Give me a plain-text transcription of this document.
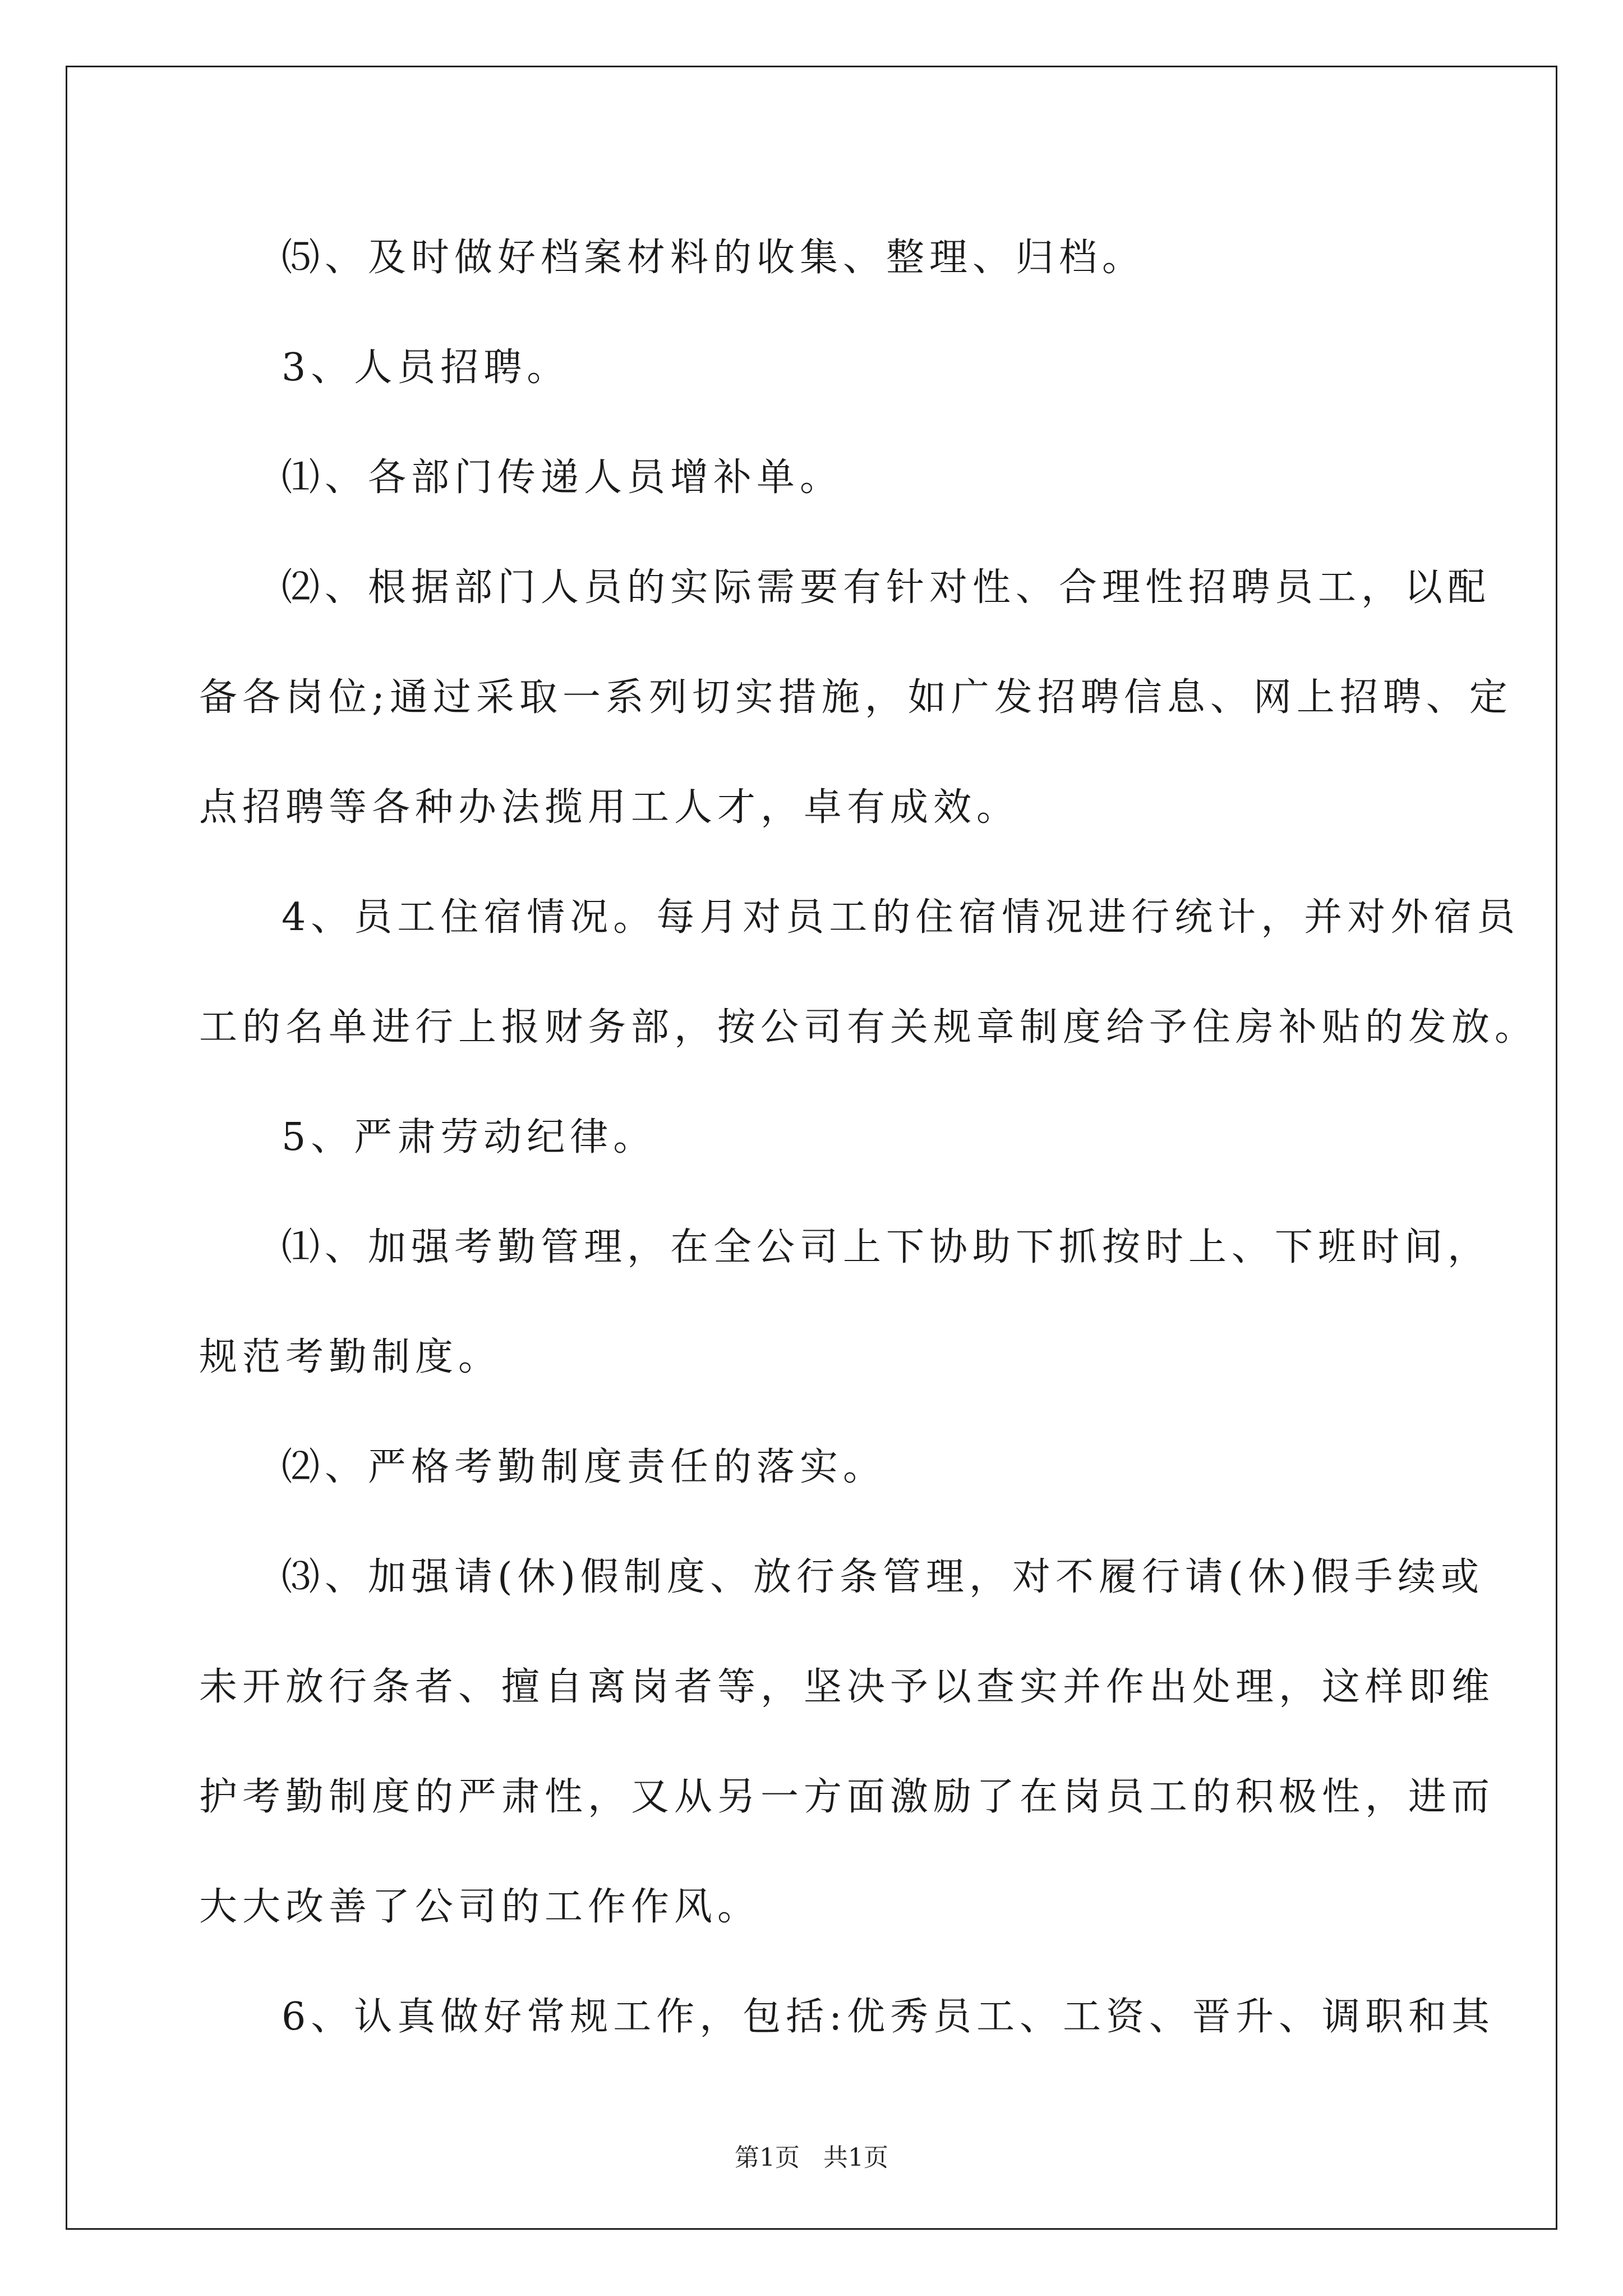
⑸、及时做好档案材料的收集、整理、归档。
3、人员招聘。
⑴、各部门传递人员增补单。
⑵、根据部门人员的实际需要有针对性、合理性招聘员工，以配
备各岗位;通过采取一系列切实措施，如广发招聘信息、网上招聘、定
点招聘等各种办法揽用工人才，卓有成效。
4、员工住宿情况。每月对员工的住宿情况进行统计，并对外宿员
工的名单进行上报财务部，按公司有关规章制度给予住房补贴的发放。
5、严肃劳动纪律。
⑴、加强考勤管理，在全公司上下协助下抓按时上、下班时间，
规范考勤制度。
⑵、严格考勤制度责任的落实。
⑶、加强请(休)假制度、放行条管理，对不履行请(休)假手续或
未开放行条者、擅自离岗者等，坚决予以查实并作出处理，这样即维
护考勤制度的严肃性，又从另一方面激励了在岗员工的积极性，进而
大大改善了公司的工作作风。
6、认真做好常规工作，包括:优秀员工、工资、晋升、调职和其
第1页   共1页
